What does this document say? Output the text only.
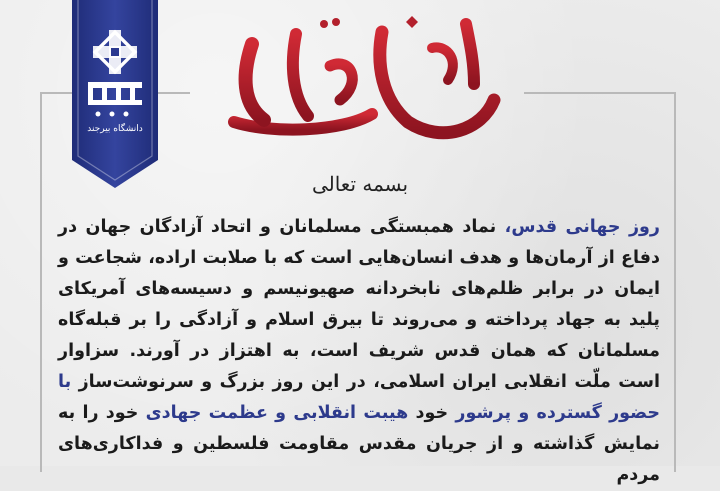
دانشگاه بیرجند
بسمه تعالی
روز جهانی قدس، نماد همبستگی مسلمانان و اتحاد آزادگان جهان در دفاع از آرمان‌ها و هدف انسان‌هایی است که با صلابت اراده، شجاعت و ایمان در برابر ظلم‌های نابخردانه صهیونیسم و دسیسه‌های آمریکای پلید به جهاد پرداخته و می‌روند تا بیرق اسلام و آزادگی را بر قبله‌گاه مسلمانان که همان قدس شریف است، به اهتزاز در آورند. سزاوار است ملّت انقلابی ایران اسلامی، در این روز بزرگ و سرنوشت‌ساز با حضور گسترده و پرشور خود هیبت انقلابی و عظمت جهادی خود را به نمایش گذاشته و از جریان مقدس مقاومت فلسطین و فداکاری‌های مردم
